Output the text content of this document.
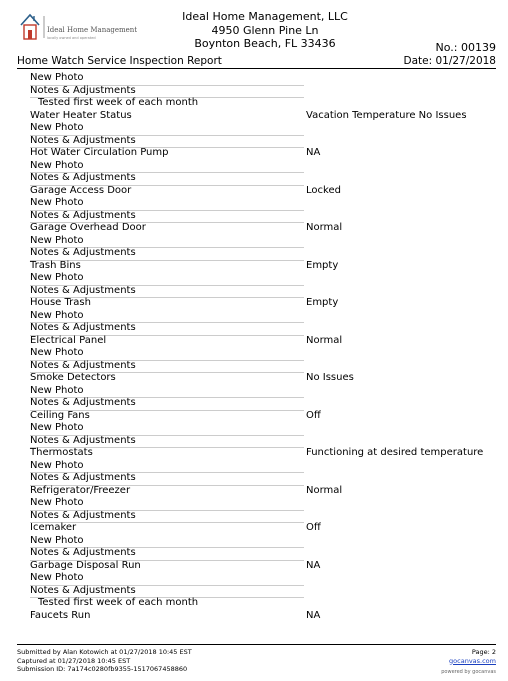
Ideal Home Management
locally owned and operated
Ideal Home Management, LLC
4950 Glenn Pine Ln
Boynton Beach, FL 33436	No.: 00139
Home Watch Service Inspection Report	Date: 01/27/2018
New Photo
Notes & Adjustments
Tested first week of each month
Water Heater Status	Vacation Temperature No Issues
New Photo
Notes & Adjustments
Hot Water Circulation Pump	NA
New Photo
Notes & Adjustments
Garage Access Door	Locked
New Photo
Notes & Adjustments
Garage Overhead Door	Normal
New Photo
Notes & Adjustments
Trash Bins	Empty
New Photo
Notes & Adjustments
House Trash	Empty
New Photo
Notes & Adjustments
Electrical Panel	Normal
New Photo
Notes & Adjustments
Smoke Detectors	No Issues
New Photo
Notes & Adjustments
Ceiling Fans	Off
New Photo
Notes & Adjustments
Thermostats	Functioning at desired temperature
New Photo
Notes & Adjustments
Refrigerator/Freezer	Normal
New Photo
Notes & Adjustments
Icemaker	Off
New Photo
Notes & Adjustments
Garbage Disposal Run	NA
New Photo
Notes & Adjustments
Tested first week of each month
Faucets Run	NA
Submitted by Alan Kotowich at 01/27/2018 10:45 EST
Captured at 01/27/2018 10:45 EST
Submission ID: 7a174c0280fb9355-1517067458860
Page: 2
gocanvas.com
powered by gocanvas
